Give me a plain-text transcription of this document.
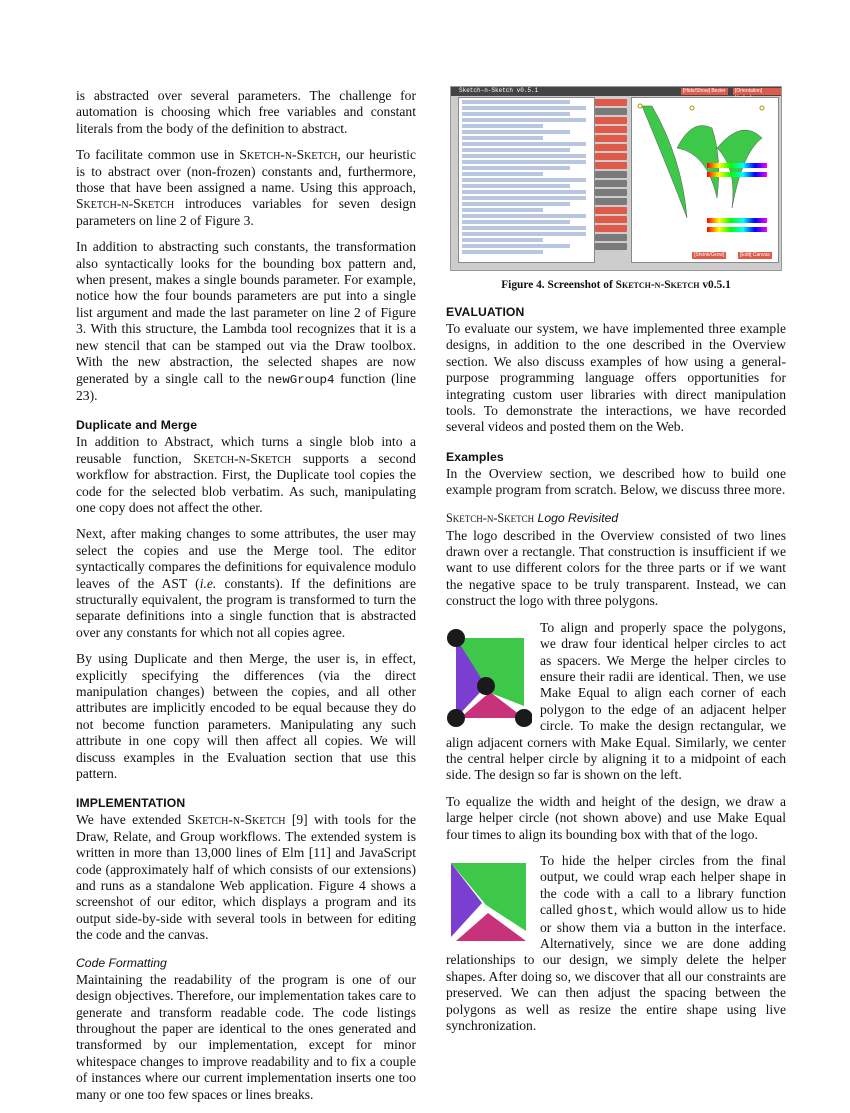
is abstracted over several parameters. The challenge for automation is choosing which free variables and constant literals from the body of the definition to abstract.

To facilitate common use in Sketch-n-Sketch, our heuristic is to abstract over (non-frozen) constants and, furthermore, those that have been assigned a name. Using this approach, Sketch-n-Sketch introduces variables for seven design parameters on line 2 of Figure 3.

In addition to abstracting such constants, the transformation also syntactically looks for the bounding box pattern and, when present, makes a single bounds parameter. For example, notice how the four bounds parameters are put into a single list argument and made the last parameter on line 2 of Figure 3. With this structure, the Lambda tool recognizes that it is a new stencil that can be stamped out via the Draw toolbox. With the new abstraction, the selected shapes are now generated by a single call to the newGroup4 function (line 23).

Duplicate and Merge

In addition to Abstract, which turns a single blob into a reusable function, Sketch-n-Sketch supports a second workflow for abstraction. First, the Duplicate tool copies the code for the selected blob verbatim. As such, manipulating one copy does not affect the other.

Next, after making changes to some attributes, the user may select the copies and use the Merge tool. The editor syntactically compares the definitions for equivalence modulo leaves of the AST (i.e. constants). If the definitions are structurally equivalent, the program is transformed to turn the separate definitions into a single function that is abstracted over any constants for which not all copies agree.

By using Duplicate and then Merge, the user is, in effect, explicitly specifying the differences (via the direct manipulation changes) between the copies, and all other attributes are implicitly encoded to be equal because they do not become function parameters. Manipulating any such attribute in one copy will then affect all copies. We will discuss examples in the Evaluation section that use this pattern.

IMPLEMENTATION

We have extended Sketch-n-Sketch [9] with tools for the Draw, Relate, and Group workflows. The extended system is written in more than 13,000 lines of Elm [11] and JavaScript code (approximately half of which consists of our extensions) and runs as a standalone Web application. Figure 4 shows a screenshot of our editor, which displays a program and its output side-by-side with several tools in between for editing the code and the canvas.

Code Formatting

Maintaining the readability of the program is one of our design objectives. Therefore, our implementation takes care to generate and transform readable code. The code listings throughout the paper are identical to the ones generated and transformed by our implementation, except for minor whitespace changes to improve readability and to fix a couple of instances where our current implementation inserts one too many or one too few spaces or lines breaks.

Sketch-n-Sketch v0.5.1	[Hide/Show] Bezier	[Orientation]
[Shrink/Grow]	[Edit] Canvas
Figure 4. Screenshot of Sketch-n-Sketch v0.5.1
EVALUATION

To evaluate our system, we have implemented three example designs, in addition to the one described in the Overview section. We also discuss examples of how using a general-purpose programming language offers opportunities for integrating custom user libraries with direct manipulation tools. To demonstrate the interactions, we have recorded several videos and posted them on the Web.

Examples

In the Overview section, we described how to build one example program from scratch. Below, we discuss three more.

Sketch-n-Sketch Logo Revisited

The logo described in the Overview consisted of two lines drawn over a rectangle. That construction is insufficient if we want to use different colors for the three parts or if we want the negative space to be truly transparent. Instead, we can construct the logo with three polygons.

To align and properly space the polygons, we draw four identical helper circles to act as spacers. We Merge the helper circles to ensure their radii are identical. Then, we use Make Equal to align each corner of each polygon to the edge of an adjacent helper circle. To make the design rectangular, we align adjacent corners with Make Equal. Similarly, we center the central helper circle by aligning it to a midpoint of each side. The design so far is shown on the left.

To equalize the width and height of the design, we draw a large helper circle (not shown above) and use Make Equal four times to align its bounding box with that of the logo.

To hide the helper circles from the final output, we could wrap each helper shape in the code with a call to a library function called ghost, which would allow us to hide or show them via a button in the interface. Alternatively, since we are done adding relationships to our design, we simply delete the helper shapes. After doing so, we discover that all our constraints are preserved. We can then adjust the spacing between the polygons as well as resize the entire shape using live synchronization.
